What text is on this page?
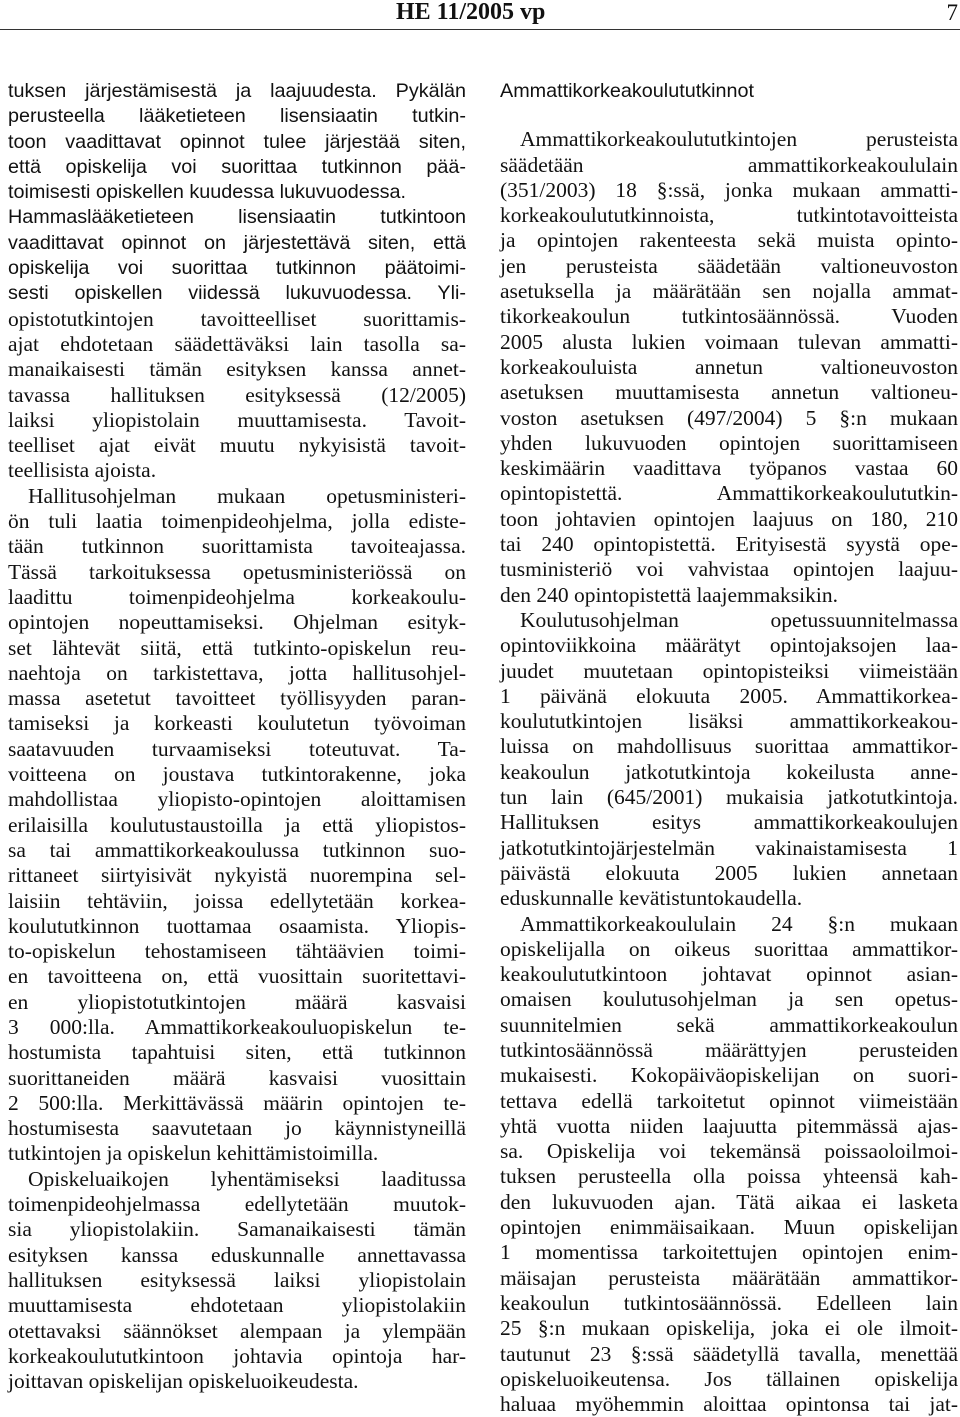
HE 11/2005 vp	7
tuksen järjestämisestä ja laajuudesta. Pykälän
perusteella lääketieteen lisensiaatin tutkin-
toon vaadittavat opinnot tulee järjestää siten,
että opiskelija voi suorittaa tutkinnon pää-
toimisesti opiskellen kuudessa lukuvuodessa.
Hammaslääketieteen lisensiaatin tutkintoon
vaadittavat opinnot on järjestettävä siten, että
opiskelija voi suorittaa tutkinnon päätoimi-
sesti opiskellen viidessä lukuvuodessa. Yli-
opistotutkintojen tavoitteelliset suorittamis-
ajat ehdotetaan säädettäväksi lain tasolla sa-
manaikaisesti tämän esityksen kanssa annet-
tavassa hallituksen esityksessä (12/2005)
laiksi yliopistolain muuttamisesta. Tavoit-
teelliset ajat eivät muutu nykyisistä tavoit-
teellisista ajoista.
Hallitusohjelman mukaan opetusministeri-
ön tuli laatia toimenpideohjelma, jolla ediste-
tään tutkinnon suorittamista tavoiteajassa.
Tässä tarkoituksessa opetusministeriössä on
laadittu toimenpideohjelma korkeakoulu-
opintojen nopeuttamiseksi. Ohjelman esityk-
set lähtevät siitä, että tutkinto-opiskelun reu-
naehtoja on tarkistettava, jotta hallitusohjel-
massa asetetut tavoitteet työllisyyden paran-
tamiseksi ja korkeasti koulutetun työvoiman
saatavuuden turvaamiseksi toteutuvat. Ta-
voitteena on joustava tutkintorakenne, joka
mahdollistaa yliopisto-opintojen aloittamisen
erilaisilla koulutustaustoilla ja että yliopistos-
sa tai ammattikorkeakoulussa tutkinnon suo-
rittaneet siirtyisivät nykyistä nuorempina sel-
laisiin tehtäviin, joissa edellytetään korkea-
koulututkinnon tuottamaa osaamista. Yliopis-
to-opiskelun tehostamiseen tähtäävien toimi-
en tavoitteena on, että vuosittain suoritettavi-
en yliopistotutkintojen määrä kasvaisi
3 000:lla. Ammattikorkeakouluopiskelun te-
hostumista tapahtuisi siten, että tutkinnon
suorittaneiden määrä kasvaisi vuosittain
2 500:lla. Merkittävässä määrin opintojen te-
hostumisesta saavutetaan jo käynnistyneillä
tutkintojen ja opiskelun kehittämistoimilla.
Opiskeluaikojen lyhentämiseksi laaditussa
toimenpideohjelmassa edellytetään muutok-
sia yliopistolakiin. Samanaikaisesti tämän
esityksen kanssa eduskunnalle annettavassa
hallituksen esityksessä laiksi yliopistolain
muuttamisesta ehdotetaan yliopistolakiin
otettavaksi säännökset alempaan ja ylempään
korkeakoulututkintoon johtavia opintoja har-
joittavan opiskelijan opiskeluoikeudesta.
Ammattikorkeakoulututkinnot
Ammattikorkeakoulututkintojen perusteista
säädetään ammattikorkeakoululain
(351/2003) 18 §:ssä, jonka mukaan ammatti-
korkeakoulututkinnoista, tutkintotavoitteista
ja opintojen rakenteesta sekä muista opinto-
jen perusteista säädetään valtioneuvoston
asetuksella ja määrätään sen nojalla ammat-
tikorkeakoulun tutkintosäännössä. Vuoden
2005 alusta lukien voimaan tulevan ammatti-
korkeakouluista annetun valtioneuvoston
asetuksen muuttamisesta annetun valtioneu-
voston asetuksen (497/2004) 5 §:n mukaan
yhden lukuvuoden opintojen suorittamiseen
keskimäärin vaadittava työpanos vastaa 60
opintopistettä. Ammattikorkeakoulututkin-
toon johtavien opintojen laajuus on 180, 210
tai 240 opintopistettä. Erityisestä syystä ope-
tusministeriö voi vahvistaa opintojen laajuu-
den 240 opintopistettä laajemmaksikin.
Koulutusohjelman opetussuunnitelmassa
opintoviikkoina määrätyt opintojaksojen laa-
juudet muutetaan opintopisteiksi viimeistään
1 päivänä elokuuta 2005. Ammattikorkea-
koulututkintojen lisäksi ammattikorkeakou-
luissa on mahdollisuus suorittaa ammattikor-
keakoulun jatkotutkintoja kokeilusta anne-
tun lain (645/2001) mukaisia jatkotutkintoja.
Hallituksen esitys ammattikorkeakoulujen
jatkotutkintojärjestelmän vakinaistamisesta 1
päivästä elokuuta 2005 lukien annetaan
eduskunnalle kevätistuntokaudella.
Ammattikorkeakoululain 24 §:n mukaan
opiskelijalla on oikeus suorittaa ammattikor-
keakoulututkintoon johtavat opinnot asian-
omaisen koulutusohjelman ja sen opetus-
suunnitelmien sekä ammattikorkeakoulun
tutkintosäännössä määrättyjen perusteiden
mukaisesti. Kokopäiväopiskelijan on suori-
tettava edellä tarkoitetut opinnot viimeistään
yhtä vuotta niiden laajuutta pitemmässä ajas-
sa. Opiskelija voi tekemänsä poissaoloilmoi-
tuksen perusteella olla poissa yhteensä kah-
den lukuvuoden ajan. Tätä aikaa ei lasketa
opintojen enimmäisaikaan. Muun opiskelijan
1 momentissa tarkoitettujen opintojen enim-
mäisajan perusteista määrätään ammattikor-
keakoulun tutkintosäännössä. Edelleen lain
25 §:n mukaan opiskelija, joka ei ole ilmoit-
tautunut 23 §:ssä säädetyllä tavalla, menettää
opiskeluoikeutensa. Jos tällainen opiskelija
haluaa myöhemmin aloittaa opintonsa tai jat-
